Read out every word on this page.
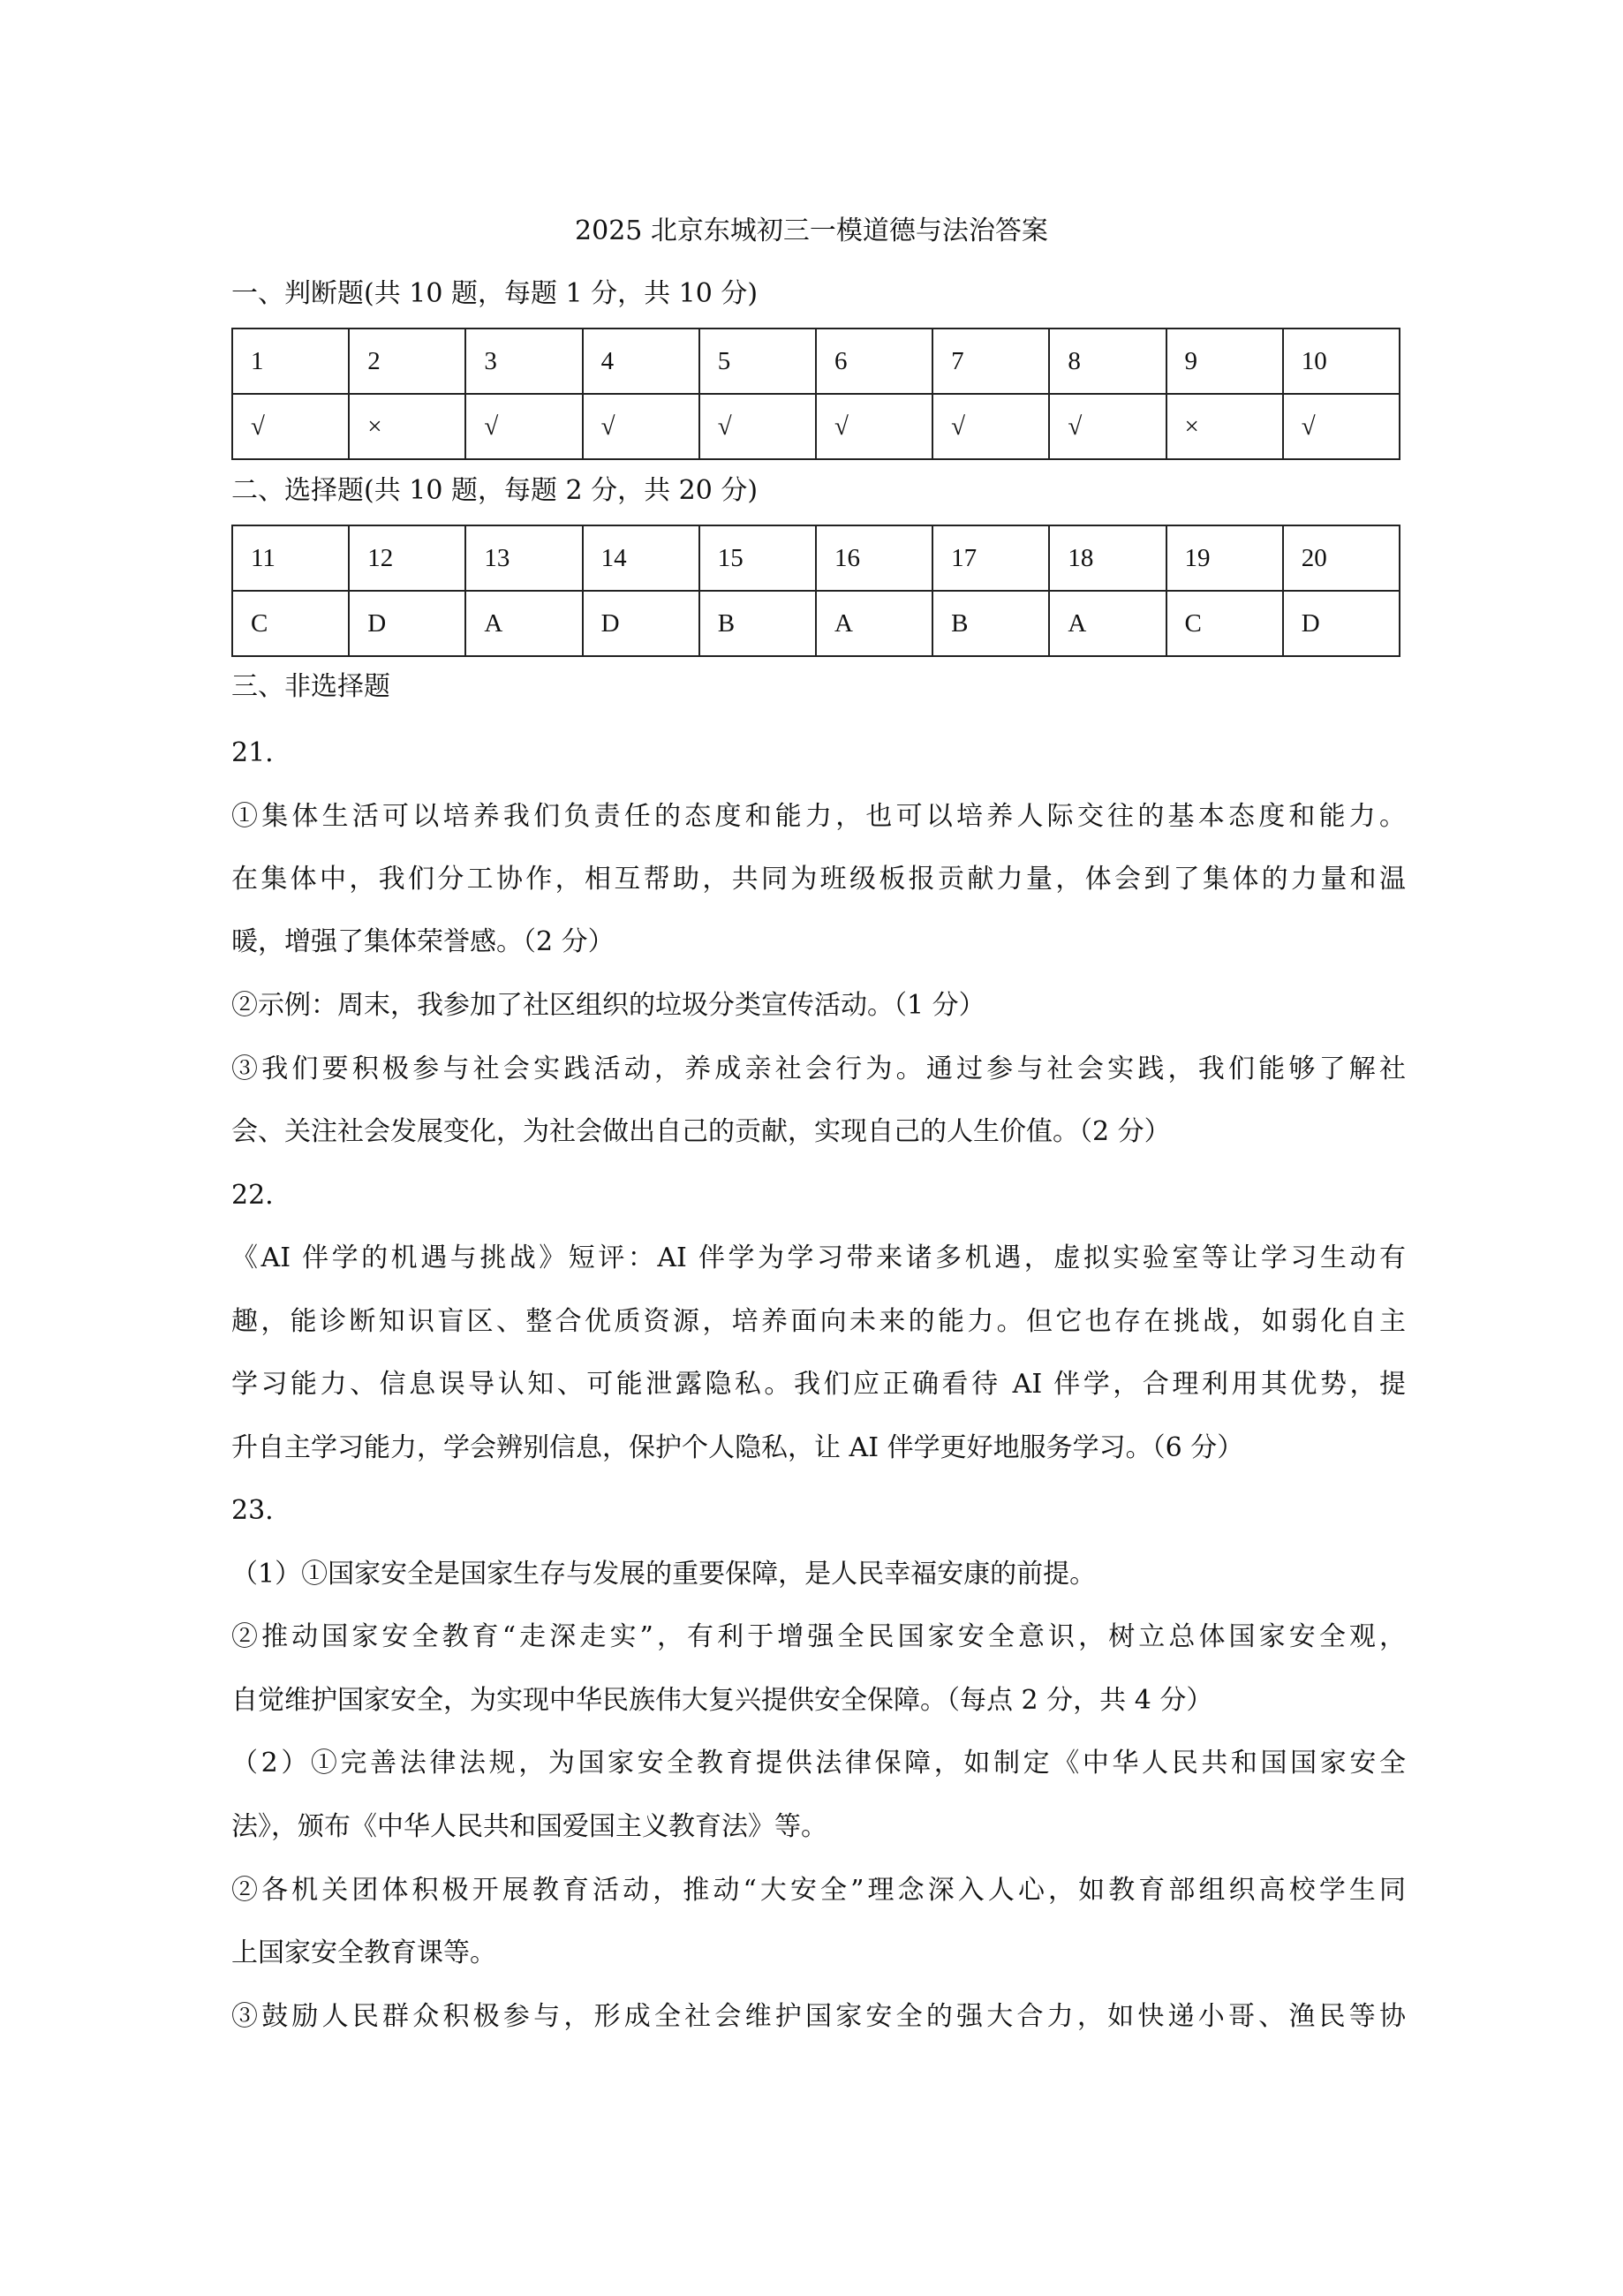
2025 北京东城初三一模道德与法治答案
一、判断题(共 10 题，每题 1 分，共 10 分)
1	2	3	4	5	6	7	8	9	10
√	×	√	√	√	√	√	√	×	√
二、选择题(共 10 题，每题 2 分，共 20 分)
11	12	13	14	15	16	17	18	19	20
C	D	A	D	B	A	B	A	C	D
三、非选择题
21.
①集体生活可以培养我们负责任的态度和能力，也可以培养人际交往的基本态度和能力。
在集体中，我们分工协作，相互帮助，共同为班级板报贡献力量，体会到了集体的力量和温
暖，增强了集体荣誉感。（2 分）
②示例：周末，我参加了社区组织的垃圾分类宣传活动。（1 分）
③我们要积极参与社会实践活动，养成亲社会行为。通过参与社会实践，我们能够了解社
会、关注社会发展变化，为社会做出自己的贡献，实现自己的人生价值。（2 分）
22.
《AI 伴学的机遇与挑战》短评：AI 伴学为学习带来诸多机遇，虚拟实验室等让学习生动有
趣，能诊断知识盲区、整合优质资源，培养面向未来的能力。但它也存在挑战，如弱化自主
学习能力、信息误导认知、可能泄露隐私。我们应正确看待 AI 伴学，合理利用其优势，提
升自主学习能力，学会辨别信息，保护个人隐私，让 AI 伴学更好地服务学习。（6 分）
23.
（1）①国家安全是国家生存与发展的重要保障，是人民幸福安康的前提。
②推动国家安全教育“走深走实”，有利于增强全民国家安全意识，树立总体国家安全观，
自觉维护国家安全，为实现中华民族伟大复兴提供安全保障。（每点 2 分，共 4 分）
（2）①完善法律法规，为国家安全教育提供法律保障，如制定《中华人民共和国国家安全
法》，颁布《中华人民共和国爱国主义教育法》等。
②各机关团体积极开展教育活动，推动“大安全”理念深入人心，如教育部组织高校学生同
上国家安全教育课等。
③鼓励人民群众积极参与，形成全社会维护国家安全的强大合力，如快递小哥、渔民等协
